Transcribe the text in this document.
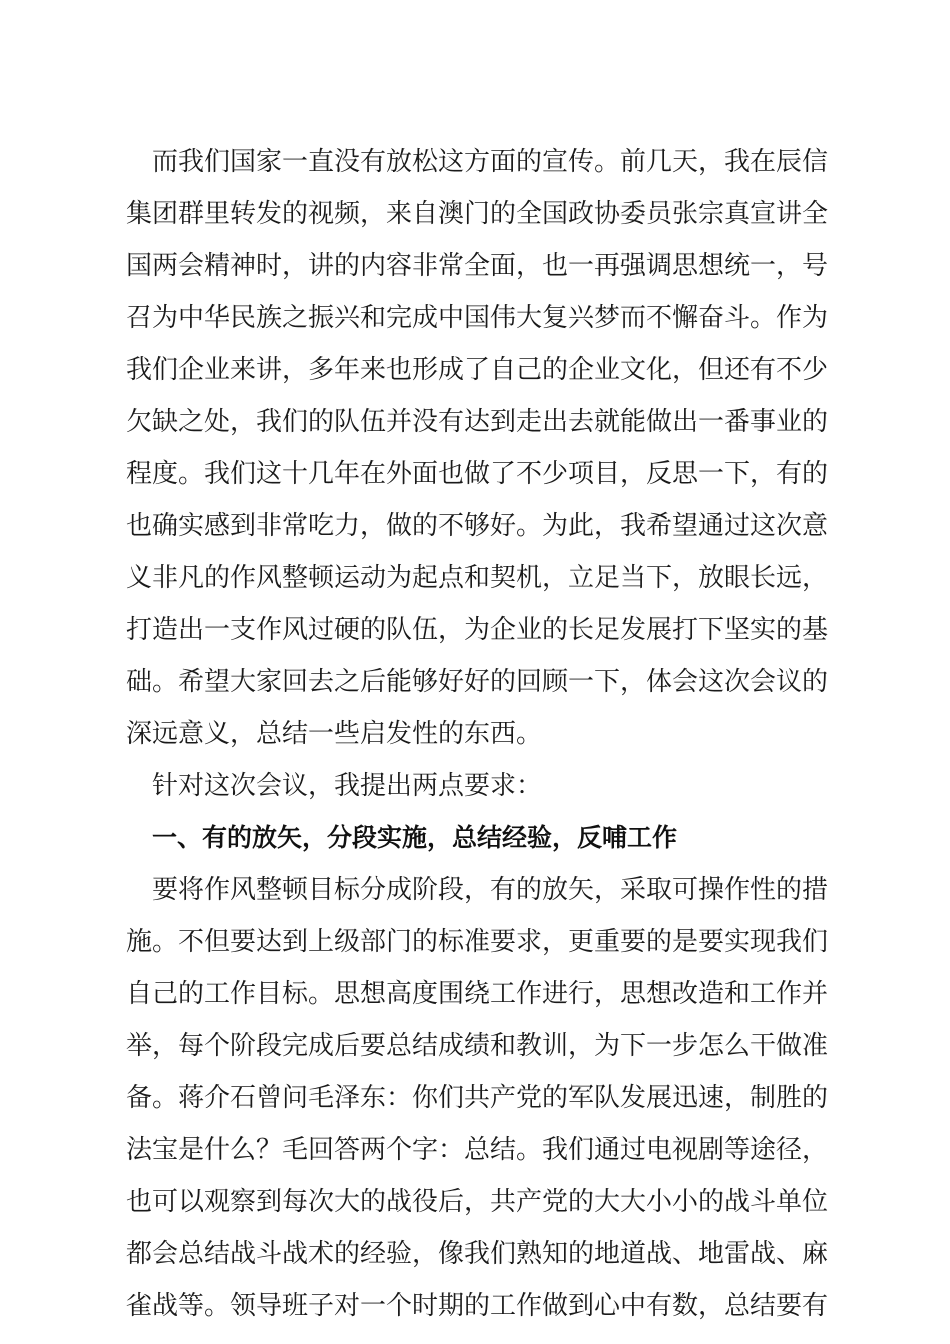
而我们国家一直没有放松这方面的宣传。前几天，我在辰信
集团群里转发的视频，来自澳门的全国政协委员张宗真宣讲全
国两会精神时，讲的内容非常全面，也一再强调思想统一，号
召为中华民族之振兴和完成中国伟大复兴梦而不懈奋斗。作为
我们企业来讲，多年来也形成了自己的企业文化，但还有不少
欠缺之处，我们的队伍并没有达到走出去就能做出一番事业的
程度。我们这十几年在外面也做了不少项目，反思一下，有的
也确实感到非常吃力，做的不够好。为此，我希望通过这次意
义非凡的作风整顿运动为起点和契机，立足当下，放眼长远，
打造出一支作风过硬的队伍，为企业的长足发展打下坚实的基
础。希望大家回去之后能够好好的回顾一下，体会这次会议的
深远意义，总结一些启发性的东西。
针对这次会议，我提出两点要求：
一、有的放矢，分段实施，总结经验，反哺工作
要将作风整顿目标分成阶段，有的放矢，采取可操作性的措
施。不但要达到上级部门的标准要求，更重要的是要实现我们
自己的工作目标。思想高度围绕工作进行，思想改造和工作并
举，每个阶段完成后要总结成绩和教训，为下一步怎么干做准
备。蒋介石曾问毛泽东：你们共产党的军队发展迅速，制胜的
法宝是什么？毛回答两个字：总结。我们通过电视剧等途径，
也可以观察到每次大的战役后，共产党的大大小小的战斗单位
都会总结战斗战术的经验，像我们熟知的地道战、地雷战、麻
雀战等。领导班子对一个时期的工作做到心中有数，总结要有
